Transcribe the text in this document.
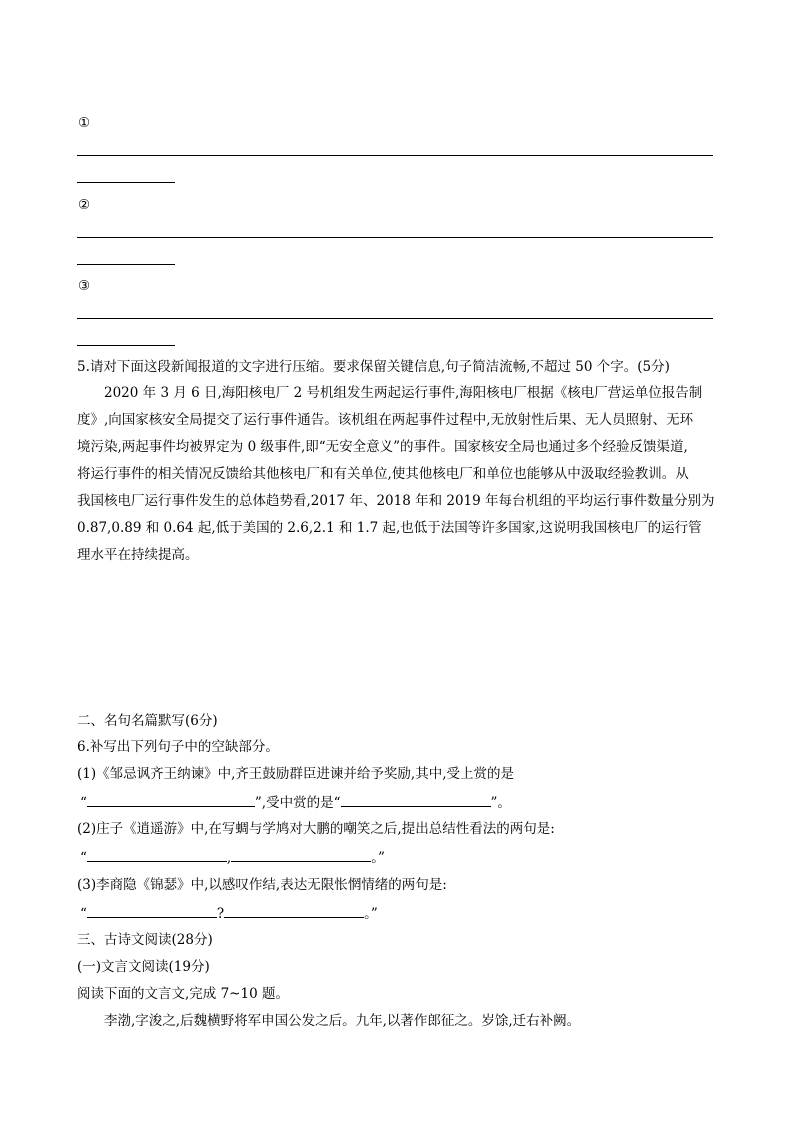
①
②
③
5.请对下面这段新闻报道的文字进行压缩。要求保留关键信息,句子简洁流畅,不超过 50 个字。(5分)
2020 年 3 月 6 日,海阳核电厂 2 号机组发生两起运行事件,海阳核电厂根据《核电厂营运单位报告制
度》,向国家核安全局提交了运行事件通告。该机组在两起事件过程中,无放射性后果、无人员照射、无环
境污染,两起事件均被界定为 0 级事件,即“无安全意义”的事件。国家核安全局也通过多个经验反馈渠道,
将运行事件的相关情况反馈给其他核电厂和有关单位,使其他核电厂和单位也能够从中汲取经验教训。从
我国核电厂运行事件发生的总体趋势看,2017 年、2018 年和 2019 年每台机组的平均运行事件数量分别为
0.87,0.89 和 0.64 起,低于美国的 2.6,2.1 和 1.7 起,也低于法国等许多国家,这说明我国核电厂的运行管
理水平在持续提高。
二、名句名篇默写(6分)
6.补写出下列句子中的空缺部分。
(1)《邹忌讽齐王纳谏》中,齐王鼓励群臣进谏并给予奖励,其中,受上赏的是
“	”,受中赏的是“	”。
(2)庄子《逍遥游》中,在写蜩与学鸠对大鹏的嘲笑之后,提出总结性看法的两句是:
“	,	。”
(3)李商隐《锦瑟》中,以感叹作结,表达无限怅惘情绪的两句是:
“	?	。”
三、古诗文阅读(28分)
(一)文言文阅读(19分)
阅读下面的文言文,完成 7~10 题。
李渤,字浚之,后魏横野将军申国公发之后。九年,以著作郎征之。岁馀,迁右补阙。
